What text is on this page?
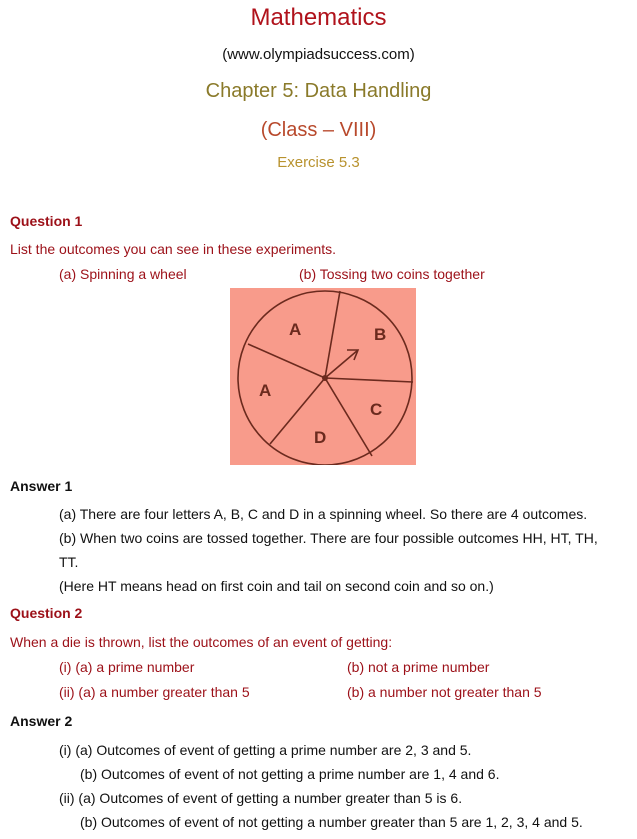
Mathematics
(www.olympiadsuccess.com)
Chapter 5: Data Handling
(Class – VIII)
Exercise 5.3
Question 1
List the outcomes you can see in these experiments.
(a) Spinning a wheel	(b) Tossing two coins together
A	B
A
C
D
Answer 1
(a) There are four letters A, B, C and D in a spinning wheel. So there are 4 outcomes.
(b) When two coins are tossed together. There are four possible outcomes HH, HT, TH,
TT.
(Here HT means head on first coin and tail on second coin and so on.)
Question 2
When a die is thrown, list the outcomes of an event of getting:
(i) (a) a prime number	(b) not a prime number
(ii) (a) a number greater than 5	(b) a number not greater than 5
Answer 2
(i) (a) Outcomes of event of getting a prime number are 2, 3 and 5.
(b) Outcomes of event of not getting a prime number are 1, 4 and 6.
(ii) (a) Outcomes of event of getting a number greater than 5 is 6.
(b) Outcomes of event of not getting a number greater than 5 are 1, 2, 3, 4 and 5.
